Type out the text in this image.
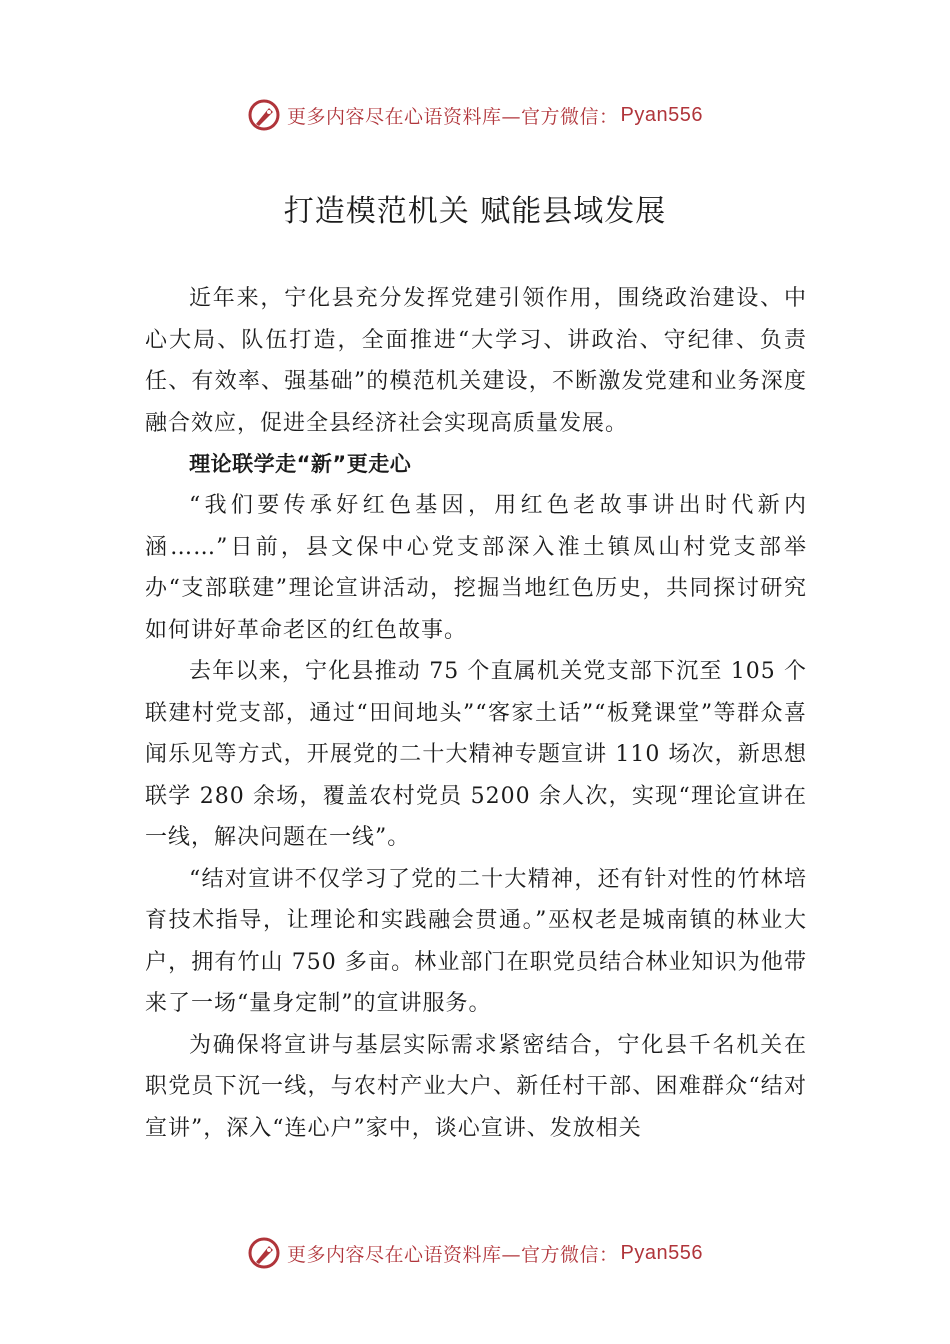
更多内容尽在心语资料库—官方微信： Pyan556
打造模范机关 赋能县域发展

近年来，宁化县充分发挥党建引领作用，围绕政治建设、中心大局、队伍打造，全面推进“大学习、讲政治、守纪律、负责任、有效率、强基础”的模范机关建设，不断激发党建和业务深度融合效应，促进全县经济社会实现高质量发展。

理论联学走“新”更走心

“我们要传承好红色基因，用红色老故事讲出时代新内涵……”日前，县文保中心党支部深入淮土镇凤山村党支部举办“支部联建”理论宣讲活动，挖掘当地红色历史，共同探讨研究如何讲好革命老区的红色故事。

去年以来，宁化县推动 75 个直属机关党支部下沉至 105 个联建村党支部，通过“田间地头”“客家土话”“板凳课堂”等群众喜闻乐见等方式，开展党的二十大精神专题宣讲 110 场次，新思想联学 280 余场，覆盖农村党员 5200 余人次，实现“理论宣讲在一线，解决问题在一线”。

“结对宣讲不仅学习了党的二十大精神，还有针对性的竹林培育技术指导，让理论和实践融会贯通。”巫权老是城南镇的林业大户，拥有竹山 750 多亩。林业部门在职党员结合林业知识为他带来了一场“量身定制”的宣讲服务。

为确保将宣讲与基层实际需求紧密结合，宁化县千名机关在职党员下沉一线，与农村产业大户、新任村干部、困难群众“结对宣讲”，深入“连心户”家中，谈心宣讲、发放相关

更多内容尽在心语资料库—官方微信： Pyan556
